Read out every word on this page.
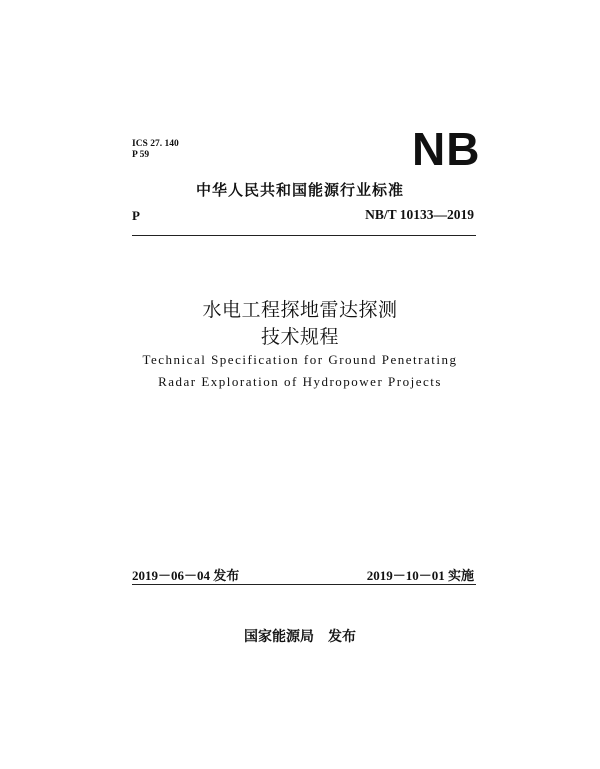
ICS 27. 140
P 59	NB
中华人民共和国能源行业标准
P	NB/T 10133—2019
水电工程探地雷达探测
技术规程
Technical Specification for Ground Penetrating
Radar Exploration of Hydropower Projects
2019－06－04 发布	2019－10－01 实施
国家能源局　发布
